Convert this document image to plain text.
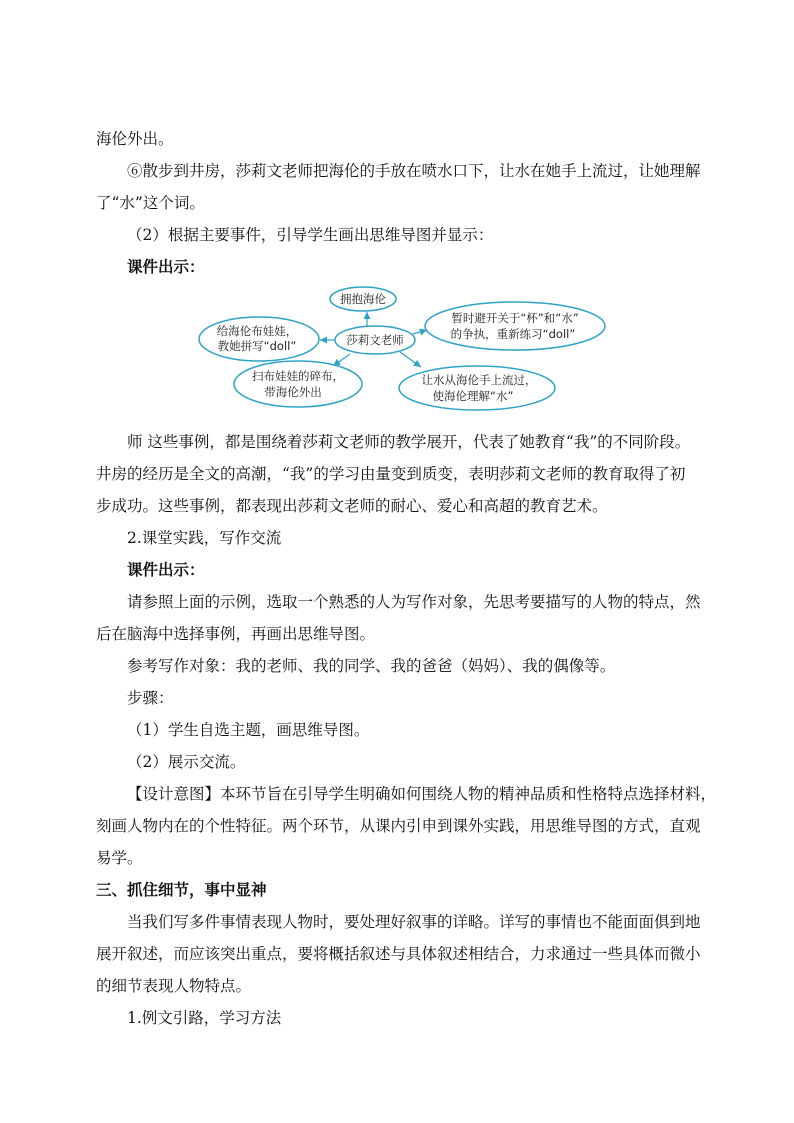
海伦外出。

⑥散步到井房，莎莉文老师把海伦的手放在喷水口下，让水在她手上流过，让她理解

了“水”这个词。

（2）根据主要事件，引导学生画出思维导图并显示：

课件出示：

拥抱海伦
莎莉文老师
给海伦布娃娃，
教她拼写“doll”
暂时避开关于“杯”和“水”
的争执，重新练习“doll”
扫布娃娃的碎布，
带海伦外出
让水从海伦手上流过，
使海伦理解“水”

师 这些事例，都是围绕着莎莉文老师的教学展开，代表了她教育“我”的不同阶段。

井房的经历是全文的高潮，“我”的学习由量变到质变，表明莎莉文老师的教育取得了初

步成功。这些事例，都表现出莎莉文老师的耐心、爱心和高超的教育艺术。

2.课堂实践，写作交流

课件出示：

请参照上面的示例，选取一个熟悉的人为写作对象，先思考要描写的人物的特点，然

后在脑海中选择事例，再画出思维导图。

参考写作对象：我的老师、我的同学、我的爸爸（妈妈）、我的偶像等。

步骤：

（1）学生自选主题，画思维导图。

（2）展示交流。

【设计意图】本环节旨在引导学生明确如何围绕人物的精神品质和性格特点选择材料，

刻画人物内在的个性特征。两个环节，从课内引申到课外实践，用思维导图的方式，直观

易学。

三、抓住细节，事中显神

当我们写多件事情表现人物时，要处理好叙事的详略。详写的事情也不能面面俱到地

展开叙述，而应该突出重点，要将概括叙述与具体叙述相结合，力求通过一些具体而微小

的细节表现人物特点。

1.例文引路，学习方法
